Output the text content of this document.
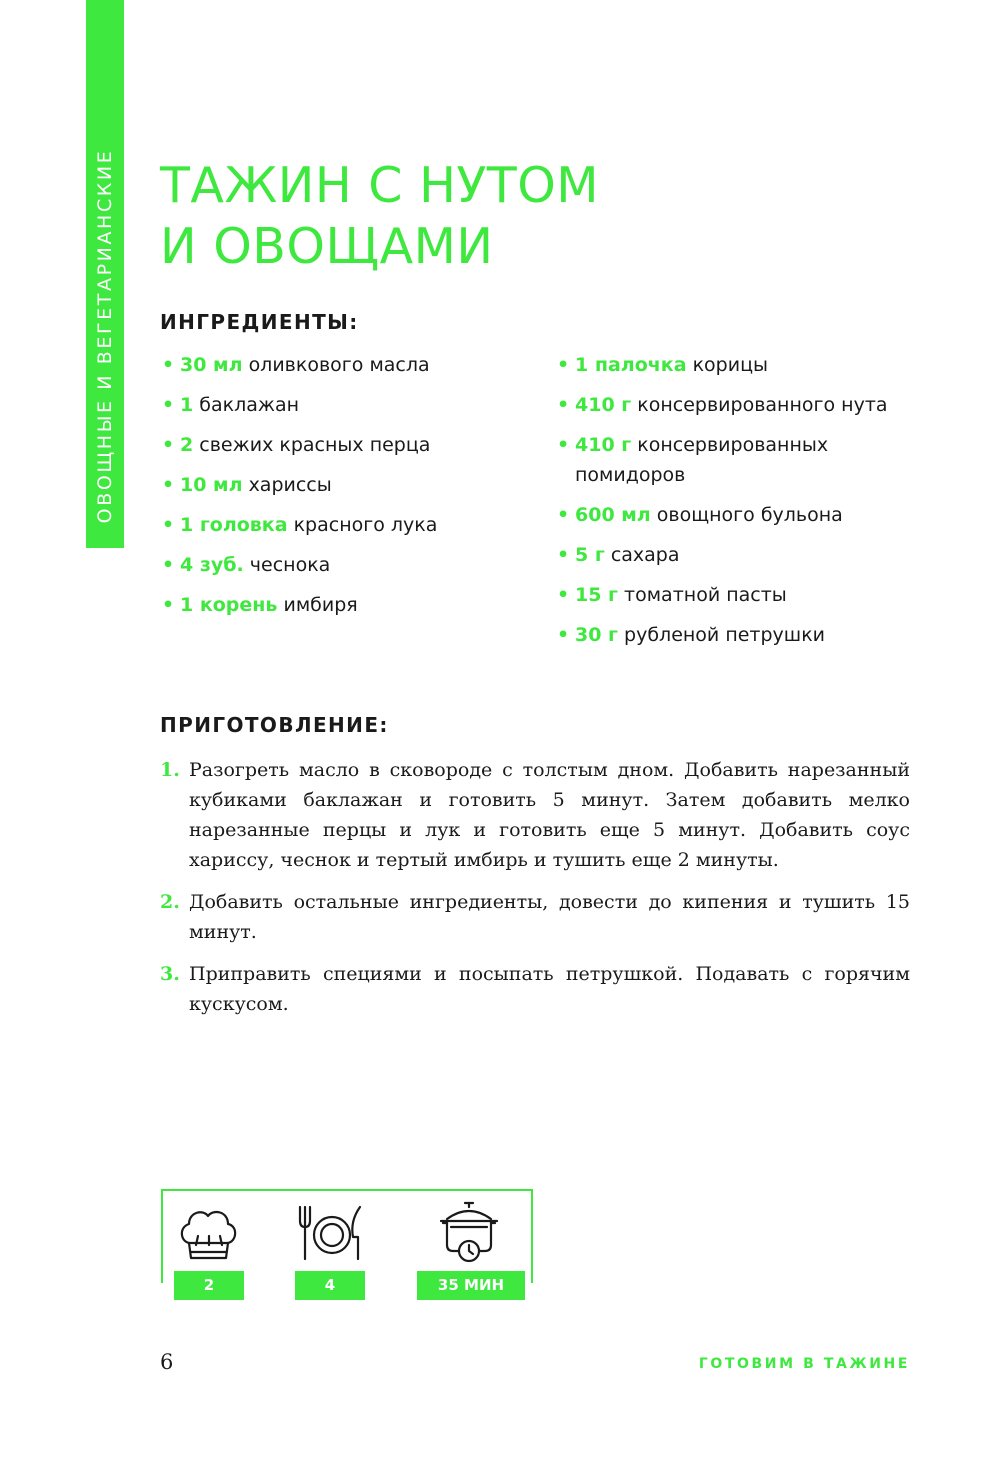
ОВОЩНЫЕ И ВЕГЕТАРИАНСКИЕ ТАЖИН С НУТОМ
И ОВОЩАМИ
ИНГРЕДИЕНТЫ:
• 30 мл оливкового масла
• 1 баклажан
• 2 свежих красных перца
• 10 мл хариссы
• 1 головка красного лука
• 4 зуб. чеснока
• 1 корень имбиря
• 1 палочка корицы
• 410 г консервированного нута
• 410 г консервированных помидоров
• 600 мл овощного бульона
• 5 г сахара
• 15 г томатной пасты
• 30 г рубленой петрушки
ПРИГОТОВЛЕНИЕ:
1. Разогреть масло в сковороде с толстым дном. Добавить нарезанный кубиками баклажан и готовить 5 минут. Затем добавить мелко нарезанные перцы и лук и готовить еще 5 минут. Добавить соус хариссу, чеснок и тертый имбирь и тушить еще 2 минуты.
2. Добавить остальные ингредиенты, довести до кипения и тушить 15 минут.
3. Приправить специями и посыпать петрушкой. Подавать с горячим кускусом.
2	4	35 МИН
6	ГОТОВИМ В ТАЖИНЕ
